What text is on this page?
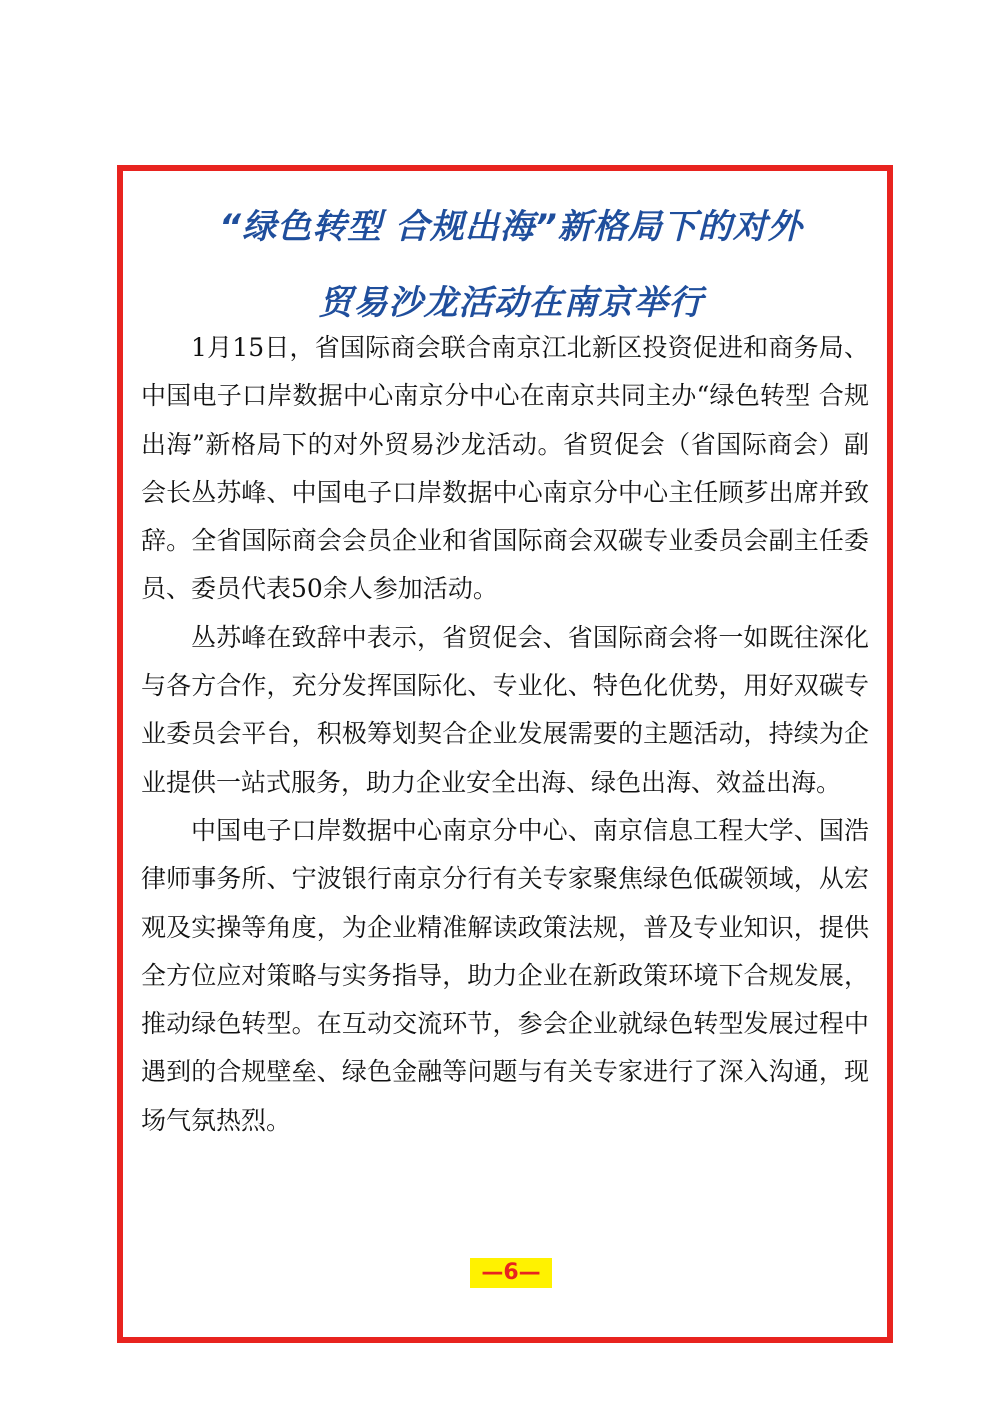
“绿色转型 合规出海”新格局下的对外
贸易沙龙活动在南京举行

1月15日，省国际商会联合南京江北新区投资促进和商务局、中国电子口岸数据中心南京分中心在南京共同主办“绿色转型 合规出海”新格局下的对外贸易沙龙活动。省贸促会（省国际商会）副会长丛苏峰、中国电子口岸数据中心南京分中心主任顾芗出席并致辞。全省国际商会会员企业和省国际商会双碳专业委员会副主任委员、委员代表50余人参加活动。

丛苏峰在致辞中表示，省贸促会、省国际商会将一如既往深化与各方合作，充分发挥国际化、专业化、特色化优势，用好双碳专业委员会平台，积极筹划契合企业发展需要的主题活动，持续为企业提供一站式服务，助力企业安全出海、绿色出海、效益出海。

中国电子口岸数据中心南京分中心、南京信息工程大学、国浩律师事务所、宁波银行南京分行有关专家聚焦绿色低碳领域，从宏观及实操等角度，为企业精准解读政策法规，普及专业知识，提供全方位应对策略与实务指导，助力企业在新政策环境下合规发展，推动绿色转型。在互动交流环节，参会企业就绿色转型发展过程中遇到的合规壁垒、绿色金融等问题与有关专家进行了深入沟通，现场气氛热烈。

—6—
